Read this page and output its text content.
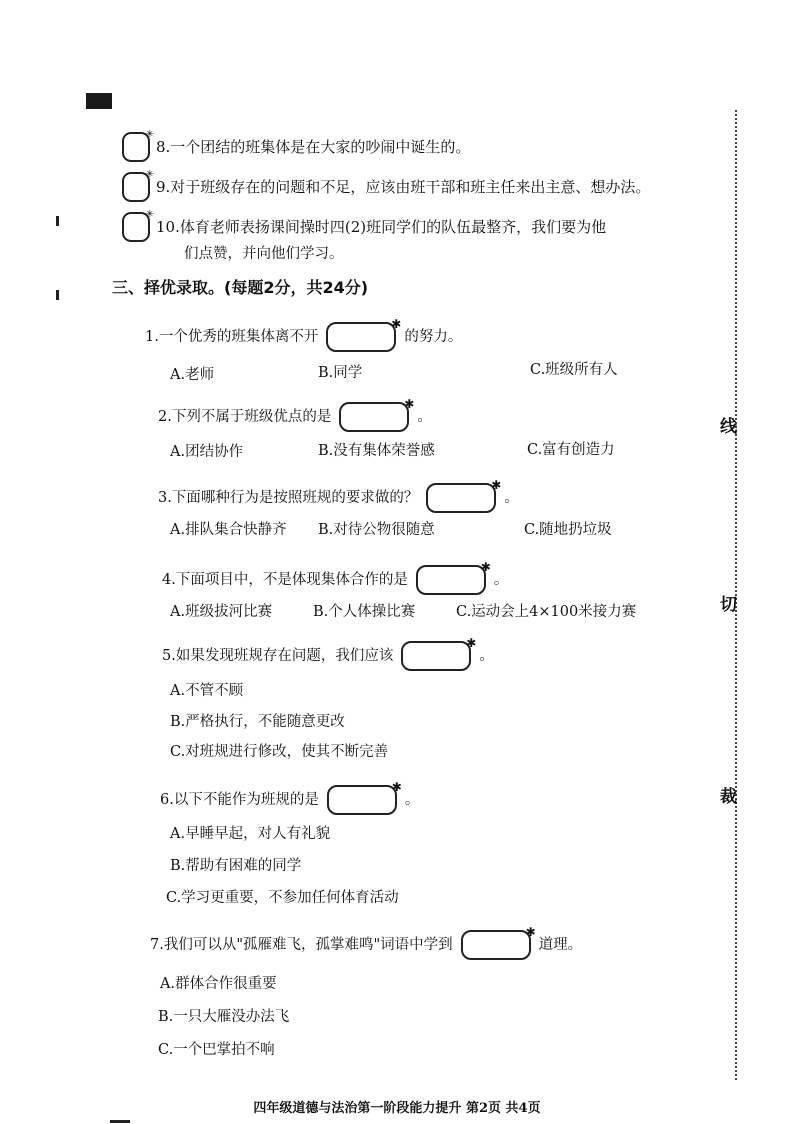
✳8.一个团结的班集体是在大家的吵闹中诞生的。
✳9.对于班级存在的问题和不足，应该由班干部和班主任来出主意、想办法。
✳10.体育老师表扬课间操时四(2)班同学们的队伍最整齐，我们要为他
们点赞，并向他们学习。
三、择优录取。(每题2分，共24分)
1.一个优秀的班集体离不开 ✱	的努力。
A.老师	B.同学	C.班级所有人
2.下列不属于班级优点的是 ✱	。
A.团结协作	B.没有集体荣誉感	C.富有创造力
3.下面哪种行为是按照班规的要求做的？ ✱	。
A.排队集合快静齐 B.对待公物很随意	C.随地扔垃圾
4.下面项目中，不是体现集体合作的是 ✱	。
A.班级拔河比赛	B.个人体操比赛	C.运动会上4×100米接力赛
5.如果发现班规存在问题，我们应该 ✱	。
A.不管不顾
B.严格执行，不能随意更改
C.对班规进行修改，使其不断完善
6.以下不能作为班规的是 ✱	。
A.早睡早起，对人有礼貌
B.帮助有困难的同学
C.学习更重要，不参加任何体育活动
7.我们可以从"孤雁难飞，孤掌难鸣"词语中学到 ✱	道理。
A.群体合作很重要
B.一只大雁没办法飞
C.一个巴掌拍不响
线
切
裁
四年级道德与法治第一阶段能力提升 第2页 共4页
